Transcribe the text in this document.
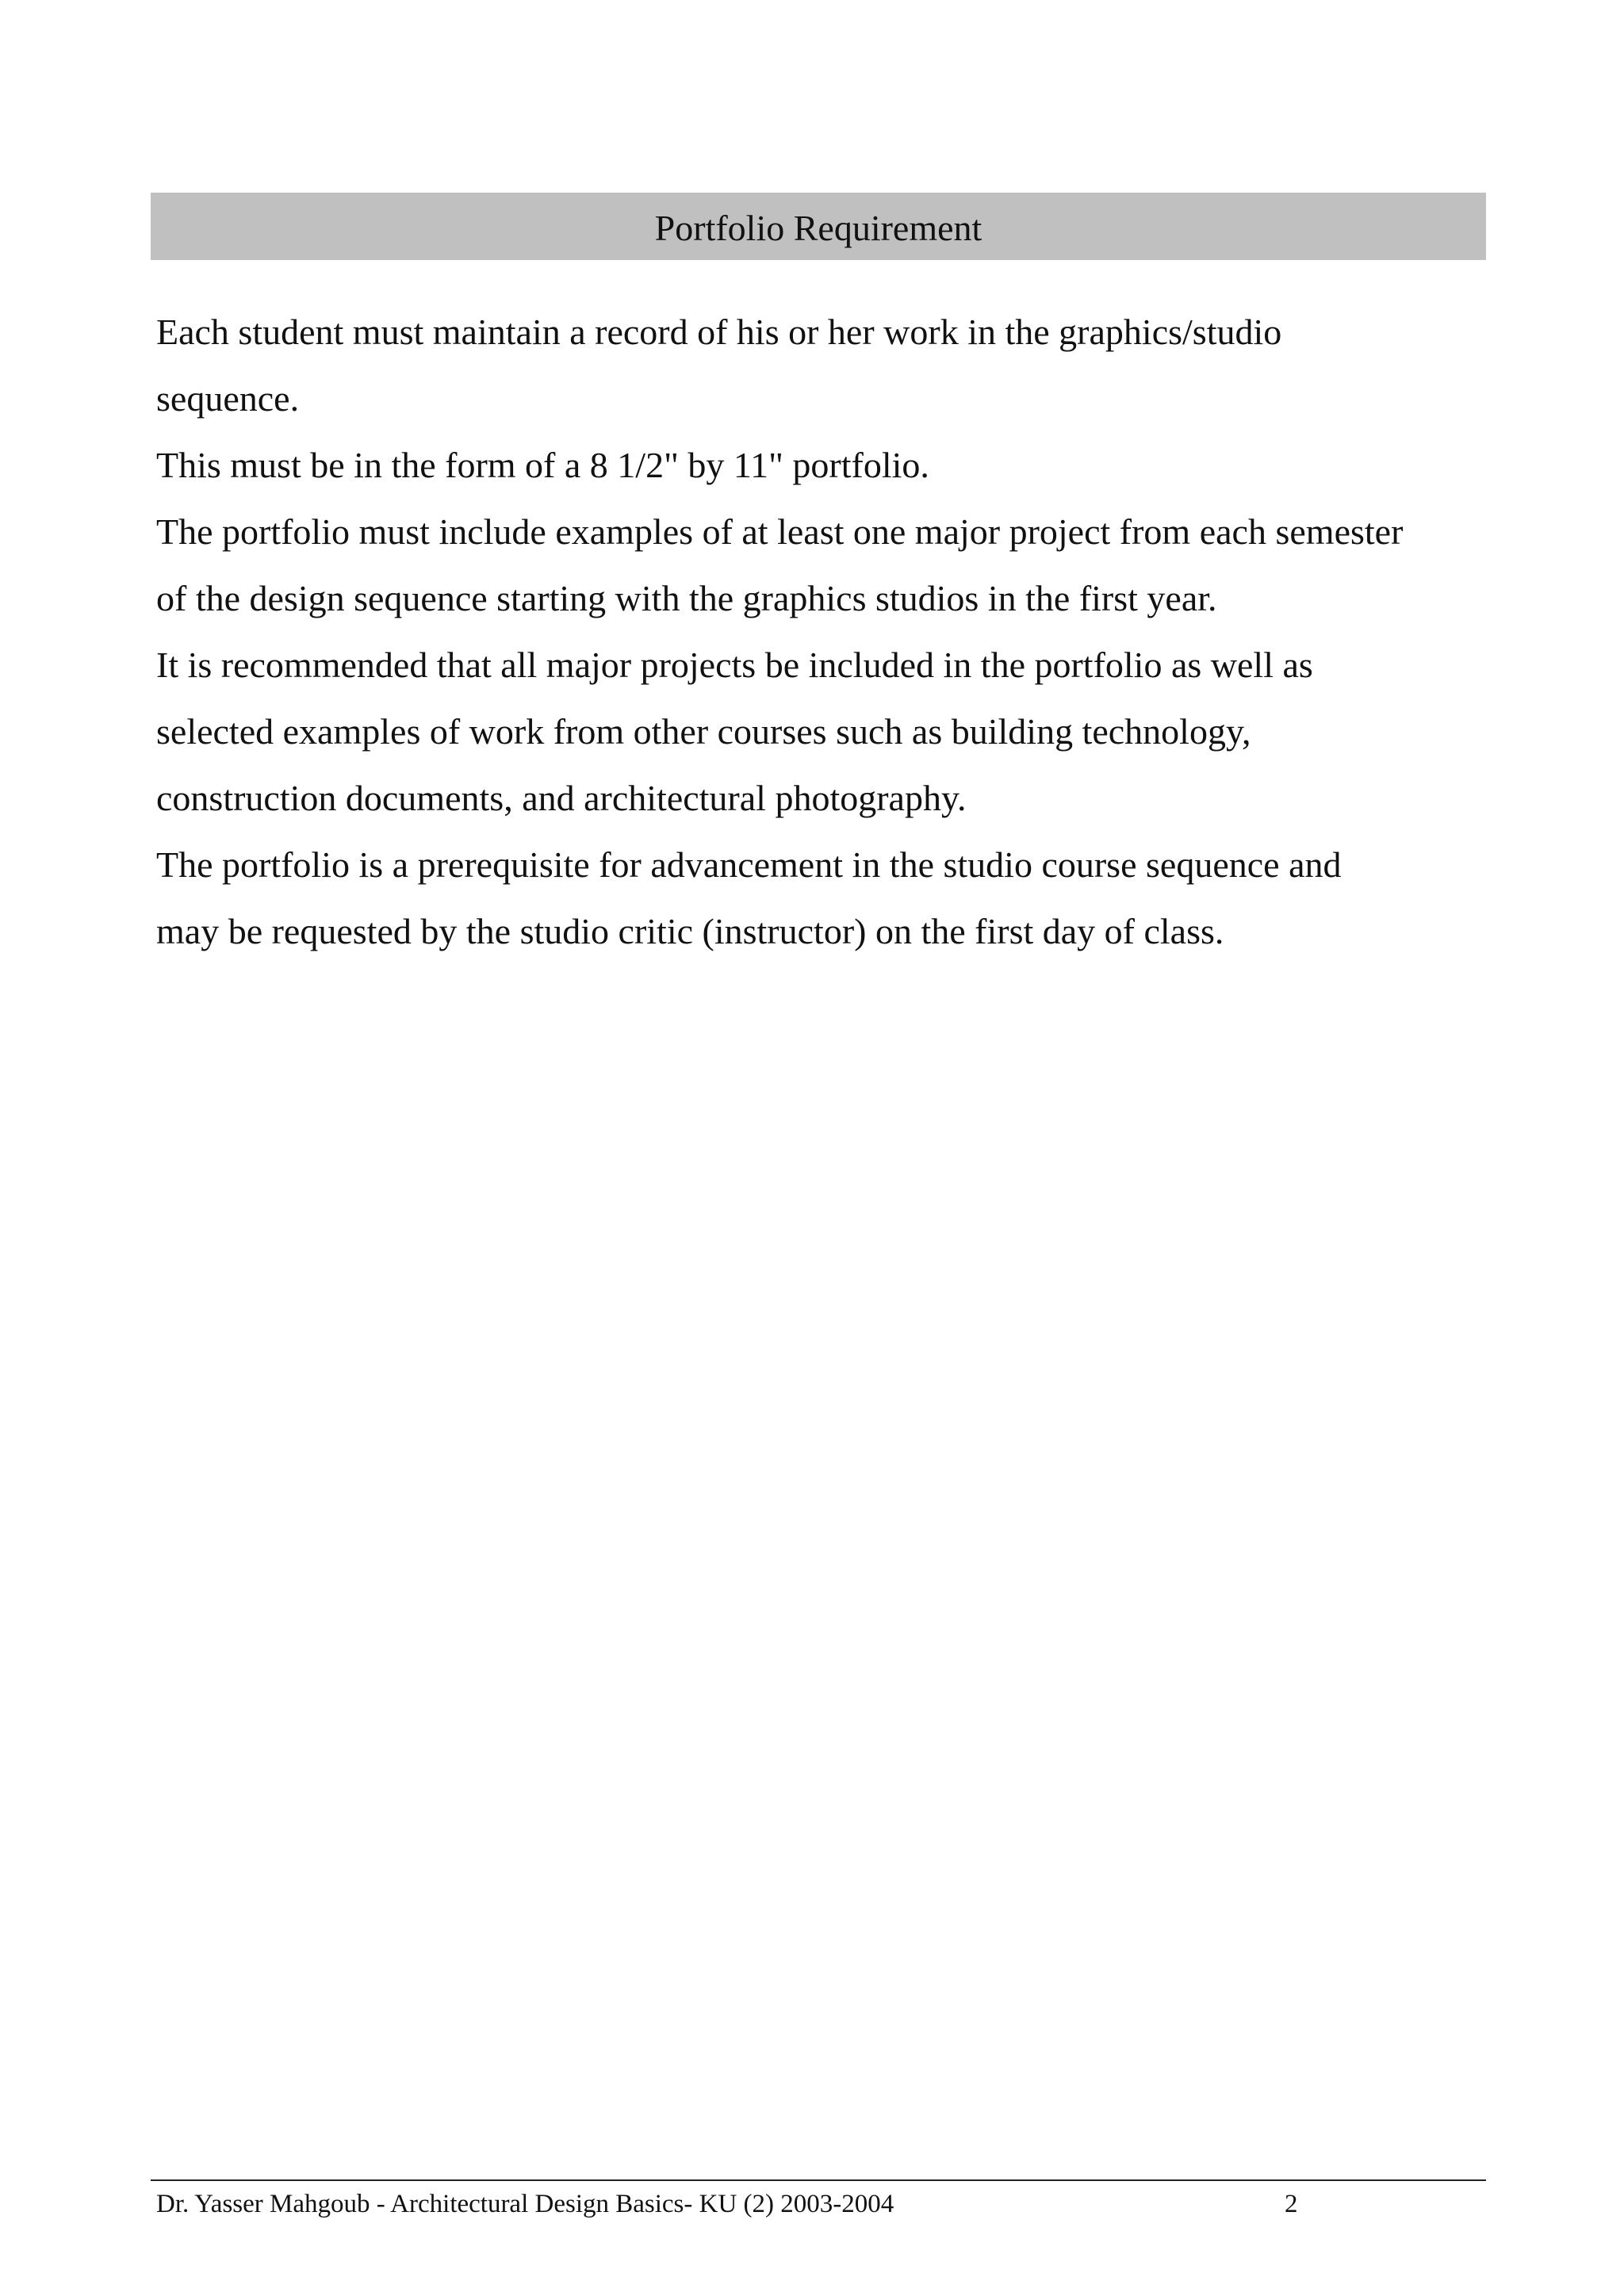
Portfolio Requirement
Each student must maintain a record of his or her work in the graphics/studio
sequence.
This must be in the form of a 8 1/2" by 11" portfolio.
The portfolio must include examples of at least one major project from each semester
of the design sequence starting with the graphics studios in the first year.
It is recommended that all major projects be included in the portfolio as well as
selected examples of work from other courses such as building technology,
construction documents, and architectural photography.
The portfolio is a prerequisite for advancement in the studio course sequence and
may be requested by the studio critic (instructor) on the first day of class.
Dr. Yasser Mahgoub - Architectural Design Basics- KU (2) 2003-2004	2
